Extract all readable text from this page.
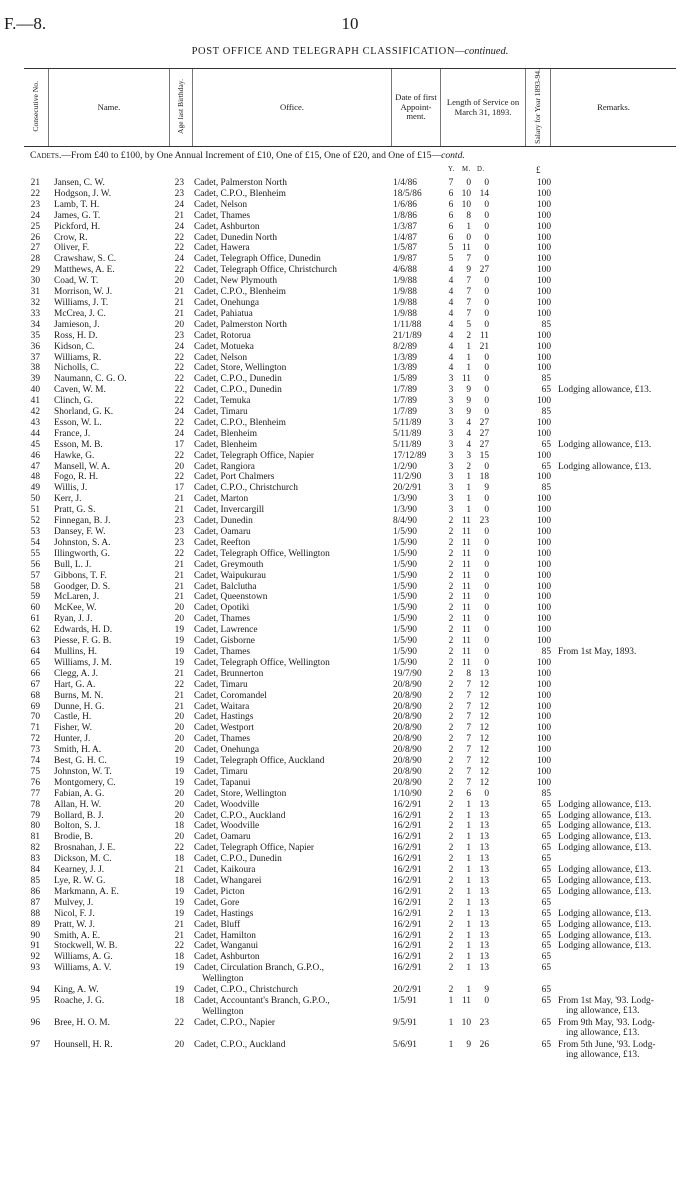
F.—8.	10
POST OFFICE AND TELEGRAPH CLASSIFICATION—continued.
Consecutive No.	Name.	Age last Birthday.	Office.	Date of first Appoint-ment.	Length of Service on March 31, 1893.	Salary for Year 1893-94.	Remarks.
Cadets.—From £40 to £100, by One Annual Increment of £10, One of £15, One of £20, and One of £15—contd.
Y. M. D.	£
21 Jansen, C. W.	23 Cadet, Palmerston North	1/4/86	7	0	0	100
22 Hodgson, J. W.	23 Cadet, C.P.O., Blenheim	18/5/86	6 10 14	100
23 Lamb, T. H.	24 Cadet, Nelson	1/6/86	6 10	0	100
24 James, G. T.	21 Cadet, Thames	1/8/86	6	8	0	100
25 Pickford, H.	24 Cadet, Ashburton	1/3/87	6	1	0	100
26 Crow, R.	22 Cadet, Dunedin North	1/4/87	6	0	0	100
27 Oliver, F.	22 Cadet, Hawera	1/5/87	5 11	0	100
28 Crawshaw, S. C.	24 Cadet, Telegraph Office, Dunedin	1/9/87	5	7	0	100
29 Matthews, A. E.	22 Cadet, Telegraph Office, Christchurch	4/6/88	4	9 27	100
30 Coad, W. T.	20 Cadet, New Plymouth	1/9/88	4	7	0	100
31 Morrison, W. J.	21 Cadet, C.P.O., Blenheim	1/9/88	4	7	0	100
32 Williams, J. T.	21 Cadet, Onehunga	1/9/88	4	7	0	100
33 McCrea, J. C.	21 Cadet, Pahiatua	1/9/88	4	7	0	100
34 Jamieson, J.	20 Cadet, Palmerston North	1/11/88	4	5	0	85
35 Ross, H. D.	23 Cadet, Rotorua	21/1/89	4	2 11	100
36 Kidson, C.	24 Cadet, Motueka	8/2/89	4	1 21	100
37 Williams, R.	22 Cadet, Nelson	1/3/89	4	1	0	100
38 Nicholls, C.	22 Cadet, Store, Wellington	1/3/89	4	1	0	100
39 Naumann, C. G. O.	22 Cadet, C.P.O., Dunedin	1/5/89	3 11	0	85
40 Caven, W. M.	22 Cadet, C.P.O., Dunedin	1/7/89	3	9	0	65 Lodging allowance, £13.
41 Clinch, G.	22 Cadet, Temuka	1/7/89	3	9	0	100
42 Shorland, G. K.	24 Cadet, Timaru	1/7/89	3	9	0	85
43 Esson, W. L.	22 Cadet, C.P.O., Blenheim	5/11/89	3	4 27	100
44 France, J.	24 Cadet, Blenheim	5/11/89	3	4 27	100
45 Esson, M. B.	17 Cadet, Blenheim	5/11/89	3	4 27	65 Lodging allowance, £13.
46 Hawke, G.	22 Cadet, Telegraph Office, Napier	17/12/89	3	3 15	100
47 Mansell, W. A.	20 Cadet, Rangiora	1/2/90	3	2	0	65 Lodging allowance, £13.
48 Fogo, R. H.	22 Cadet, Port Chalmers	11/2/90	3	1 18	100
49 Willis, J.	17 Cadet, C.P.O., Christchurch	20/2/91	3	1	9	85
50 Kerr, J.	21 Cadet, Marton	1/3/90	3	1	0	100
51 Pratt, G. S.	21 Cadet, Invercargill	1/3/90	3	1	0	100
52 Finnegan, B. J.	23 Cadet, Dunedin	8/4/90	2 11 23	100
53 Dansey, F. W.	23 Cadet, Oamaru	1/5/90	2 11	0	100
54 Johnston, S. A.	23 Cadet, Reefton	1/5/90	2 11	0	100
55 Illingworth, G.	22 Cadet, Telegraph Office, Wellington	1/5/90	2 11	0	100
56 Bull, L. J.	21 Cadet, Greymouth	1/5/90	2 11	0	100
57 Gibbons, T. F.	21 Cadet, Waipukurau	1/5/90	2 11	0	100
58 Goodger, D. S.	21 Cadet, Balclutha	1/5/90	2 11	0	100
59 McLaren, J.	21 Cadet, Queenstown	1/5/90	2 11	0	100
60 McKee, W.	20 Cadet, Opotiki	1/5/90	2 11	0	100
61 Ryan, J. J.	20 Cadet, Thames	1/5/90	2 11	0	100
62 Edwards, H. D.	19 Cadet, Lawrence	1/5/90	2 11	0	100
63 Piesse, F. G. B.	19 Cadet, Gisborne	1/5/90	2 11	0	100
64 Mullins, H.	19 Cadet, Thames	1/5/90	2 11	0	85 From 1st May, 1893.
65 Williams, J. M.	19 Cadet, Telegraph Office, Wellington	1/5/90	2 11	0	100
66 Clegg, A. J.	21 Cadet, Brunnerton	19/7/90	2	8 13	100
67 Hart, G. A.	22 Cadet, Timaru	20/8/90	2	7 12	100
68 Burns, M. N.	21 Cadet, Coromandel	20/8/90	2	7 12	100
69 Dunne, H. G.	21 Cadet, Waitara	20/8/90	2	7 12	100
70 Castle, H.	20 Cadet, Hastings	20/8/90	2	7 12	100
71 Fisher, W.	20 Cadet, Westport	20/8/90	2	7 12	100
72 Hunter, J.	20 Cadet, Thames	20/8/90	2	7 12	100
73 Smith, H. A.	20 Cadet, Onehunga	20/8/90	2	7 12	100
74 Best, G. H. C.	19 Cadet, Telegraph Office, Auckland	20/8/90	2	7 12	100
75 Johnston, W. T.	19 Cadet, Timaru	20/8/90	2	7 12	100
76 Montgomery, C.	19 Cadet, Tapanui	20/8/90	2	7 12	100
77 Fabian, A. G.	20 Cadet, Store, Wellington	1/10/90	2	6	0	85
78 Allan, H. W.	20 Cadet, Woodville	16/2/91	2	1 13	65 Lodging allowance, £13.
79 Bollard, B. J.	20 Cadet, C.P.O., Auckland	16/2/91	2	1 13	65 Lodging allowance, £13.
80 Bolton, S. J.	18 Cadet, Woodville	16/2/91	2	1 13	65 Lodging allowance, £13.
81 Brodie, B.	20 Cadet, Oamaru	16/2/91	2	1 13	65 Lodging allowance, £13.
82 Brosnahan, J. E.	22 Cadet, Telegraph Office, Napier	16/2/91	2	1 13	65 Lodging allowance, £13.
83 Dickson, M. C.	18 Cadet, C.P.O., Dunedin	16/2/91	2	1 13	65
84 Kearney, J. J.	21 Cadet, Kaikoura	16/2/91	2	1 13	65 Lodging allowance, £13.
85 Lye, R. W. G.	18 Cadet, Whangarei	16/2/91	2	1 13	65 Lodging allowance, £13.
86 Markmann, A. E.	19 Cadet, Picton	16/2/91	2	1 13	65 Lodging allowance, £13.
87 Mulvey, J.	19 Cadet, Gore	16/2/91	2	1 13	65
88 Nicol, F. J.	19 Cadet, Hastings	16/2/91	2	1 13	65 Lodging allowance, £13.
89 Pratt, W. J.	21 Cadet, Bluff	16/2/91	2	1 13	65 Lodging allowance, £13.
90 Smith, A. E.	21 Cadet, Hamilton	16/2/91	2	1 13	65 Lodging allowance, £13.
91 Stockwell, W. B.	22 Cadet, Wanganui	16/2/91	2	1 13	65 Lodging allowance, £13.
92 Williams, A. G.	18 Cadet, Ashburton	16/2/91	2	1 13	65
93 Williams, A. V.	19 Cadet, Circulation Branch, G.P.O.,
Wellington
16/2/91	2	1 13	65
94 King, A. W.	19 Cadet, C.P.O., Christchurch	20/2/91	2	1	9	65
95 Roache, J. G.	18 Cadet, Accountant's Branch, G.P.O.,
Wellington
1/5/91	1 11	0	65 From 1st May, '93. Lodg-
ing allowance, £13.
96 Bree, H. O. M.	22 Cadet, C.P.O., Napier	9/5/91	1 10 23	65 From 9th May, '93. Lodg-
ing allowance, £13.
97 Hounsell, H. R.	20 Cadet, C.P.O., Auckland	5/6/91	1	9 26	65 From 5th June, '93. Lodg-
ing allowance, £13.
